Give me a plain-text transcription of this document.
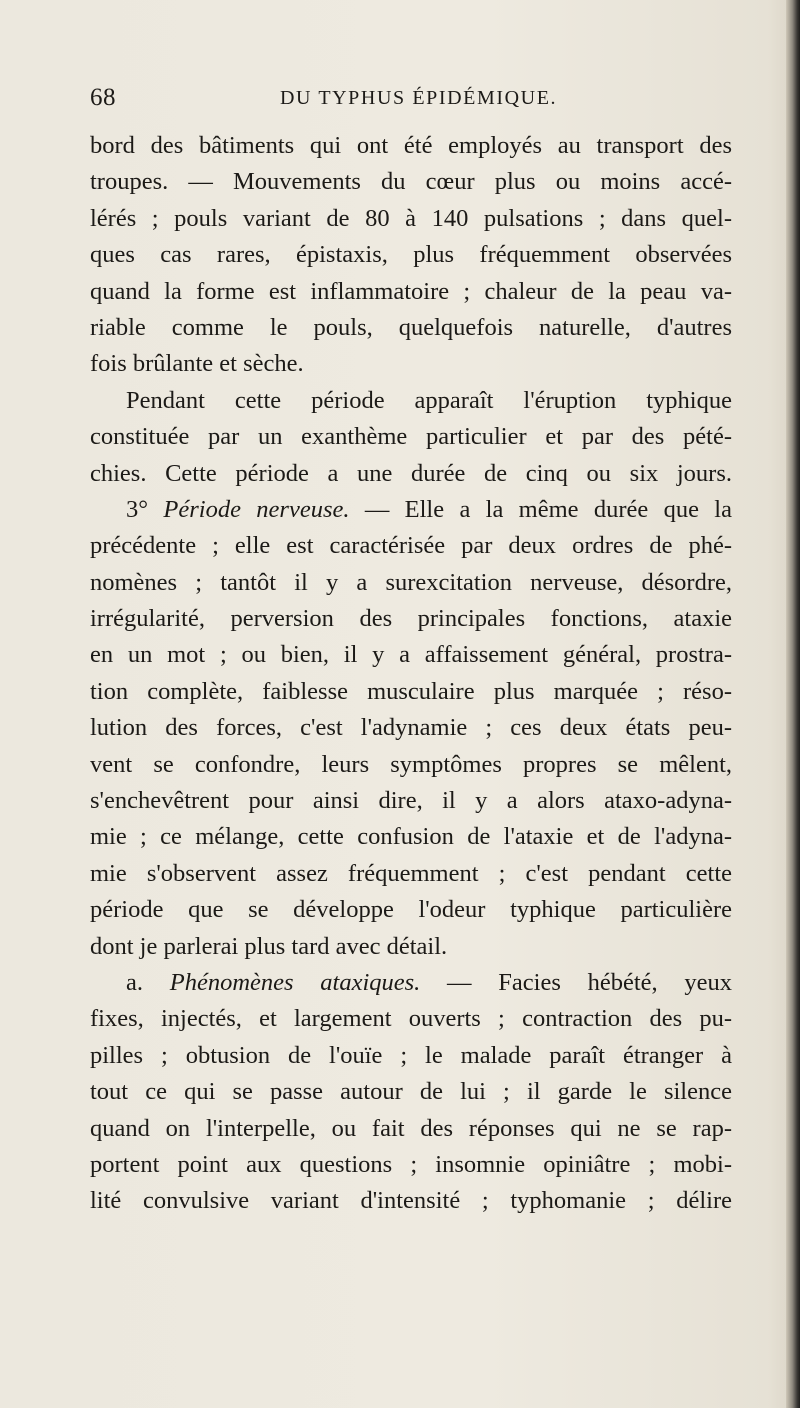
68	DU TYPHUS ÉPIDÉMIQUE.
bord des bâtiments qui ont été employés au transport des
troupes. — Mouvements du cœur plus ou moins accé-
lérés ; pouls variant de 80 à 140 pulsations ; dans quel-
ques cas rares, épistaxis, plus fréquemment observées
quand la forme est inflammatoire ; chaleur de la peau va-
riable comme le pouls, quelquefois naturelle, d'autres
fois brûlante et sèche.
Pendant cette période apparaît l'éruption typhique
constituée par un exanthème particulier et par des pété-
chies. Cette période a une durée de cinq ou six jours.
3° Période nerveuse. — Elle a la même durée que la
précédente ; elle est caractérisée par deux ordres de phé-
nomènes ; tantôt il y a surexcitation nerveuse, désordre,
irrégularité, perversion des principales fonctions, ataxie
en un mot ; ou bien, il y a affaissement général, prostra-
tion complète, faiblesse musculaire plus marquée ; réso-
lution des forces, c'est l'adynamie ; ces deux états peu-
vent se confondre, leurs symptômes propres se mêlent,
s'enchevêtrent pour ainsi dire, il y a alors ataxo-adyna-
mie ; ce mélange, cette confusion de l'ataxie et de l'adyna-
mie s'observent assez fréquemment ; c'est pendant cette
période que se développe l'odeur typhique particulière
dont je parlerai plus tard avec détail.
a. Phénomènes ataxiques. — Facies hébété, yeux
fixes, injectés, et largement ouverts ; contraction des pu-
pilles ; obtusion de l'ouïe ; le malade paraît étranger à
tout ce qui se passe autour de lui ; il garde le silence
quand on l'interpelle, ou fait des réponses qui ne se rap-
portent point aux questions ; insomnie opiniâtre ; mobi-
lité convulsive variant d'intensité ; typhomanie ; délire
